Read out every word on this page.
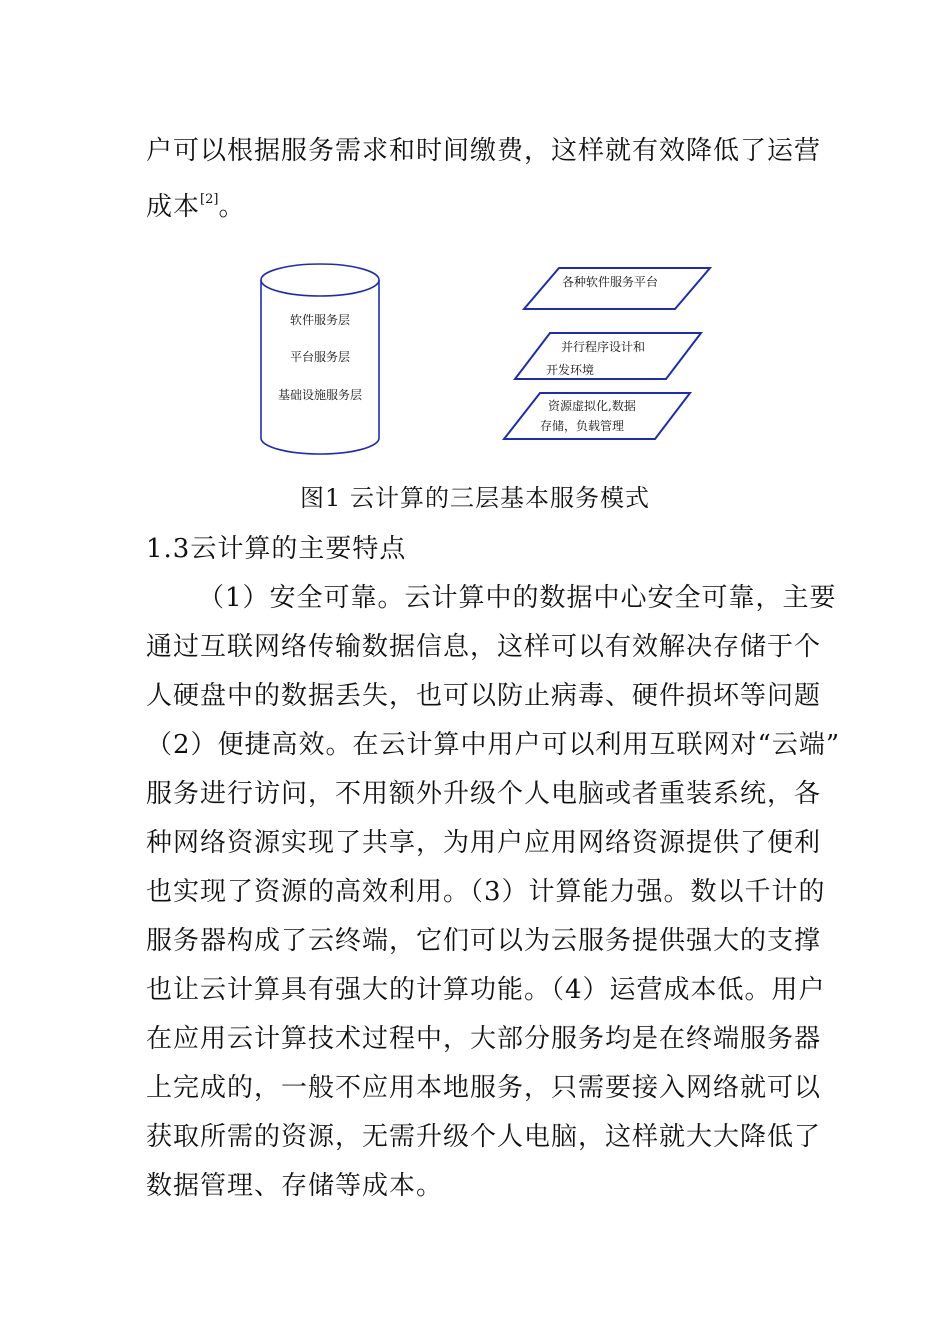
户可以根据服务需求和时间缴费，这样就有效降低了运营
成本[2]。
软件服务层
平台服务层
基础设施服务层
各种软件服务平台
并行程序设计和
开发环境
资源虚拟化,数据
存储，负载管理
图1 云计算的三层基本服务模式
1.3云计算的主要特点
（1）安全可靠。云计算中的数据中心安全可靠，主要
通过互联网络传输数据信息，这样可以有效解决存储于个
人硬盘中的数据丢失，也可以防止病毒、硬件损坏等问题
（2）便捷高效。在云计算中用户可以利用互联网对“云端”
服务进行访问，不用额外升级个人电脑或者重装系统，各
种网络资源实现了共享，为用户应用网络资源提供了便利
也实现了资源的高效利用。（3）计算能力强。数以千计的
服务器构成了云终端，它们可以为云服务提供强大的支撑
也让云计算具有强大的计算功能。（4）运营成本低。用户
在应用云计算技术过程中，大部分服务均是在终端服务器
上完成的，一般不应用本地服务，只需要接入网络就可以
获取所需的资源，无需升级个人电脑，这样就大大降低了
数据管理、存储等成本。
